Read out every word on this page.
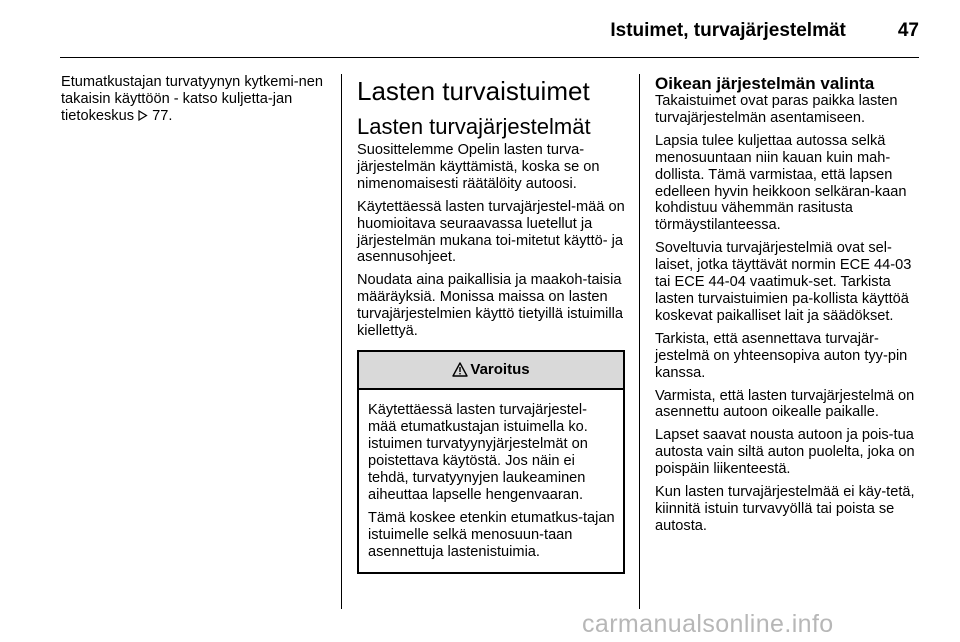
Istuimet, turvajärjestelmät	47

Etumatkustajan turvatyynyn kytkemi-nen takaisin käyttöön - katso kuljetta-jan tietokeskus 77.

Lasten turvaistuimet
Lasten turvajärjestelmät

Suosittelemme Opelin lasten turva-järjestelmän käyttämistä, koska se on nimenomaisesti räätälöity autoosi.

Käytettäessä lasten turvajärjestel-mää on huomioitava seuraavassa luetellut ja järjestelmän mukana toi-mitetut käyttö- ja asennusohjeet.

Noudata aina paikallisia ja maakoh-taisia määräyksiä. Monissa maissa on lasten turvajärjestelmien käyttö tietyillä istuimilla kiellettyä.

Varoitus

Käytettäessä lasten turvajärjestel-mää etumatkustajan istuimella ko. istuimen turvatyynyjärjestelmät on poistettava käytöstä. Jos näin ei tehdä, turvatyynyjen laukeaminen aiheuttaa lapselle hengenvaaran.

Tämä koskee etenkin etumatkus-tajan istuimelle selkä menosuun-taan asennettuja lastenistuimia.

Oikean järjestelmän valinta

Takaistuimet ovat paras paikka lasten turvajärjestelmän asentamiseen.

Lapsia tulee kuljettaa autossa selkä menosuuntaan niin kauan kuin mah-dollista. Tämä varmistaa, että lapsen edelleen hyvin heikkoon selkäran-kaan kohdistuu vähemmän rasitusta törmäystilanteessa.

Soveltuvia turvajärjestelmiä ovat sel-laiset, jotka täyttävät normin ECE 44-03 tai ECE 44-04 vaatimuk-set. Tarkista lasten turvaistuimien pa-kollista käyttöä koskevat paikalliset lait ja säädökset.

Tarkista, että asennettava turvajär-jestelmä on yhteensopiva auton tyy-pin kanssa.

Varmista, että lasten turvajärjestelmä on asennettu autoon oikealle paikalle.

Lapset saavat nousta autoon ja pois-tua autosta vain siltä auton puolelta, joka on poispäin liikenteestä.

Kun lasten turvajärjestelmää ei käy-tetä, kiinnitä istuin turvavyöllä tai poista se autosta.

carmanualsonline.info
